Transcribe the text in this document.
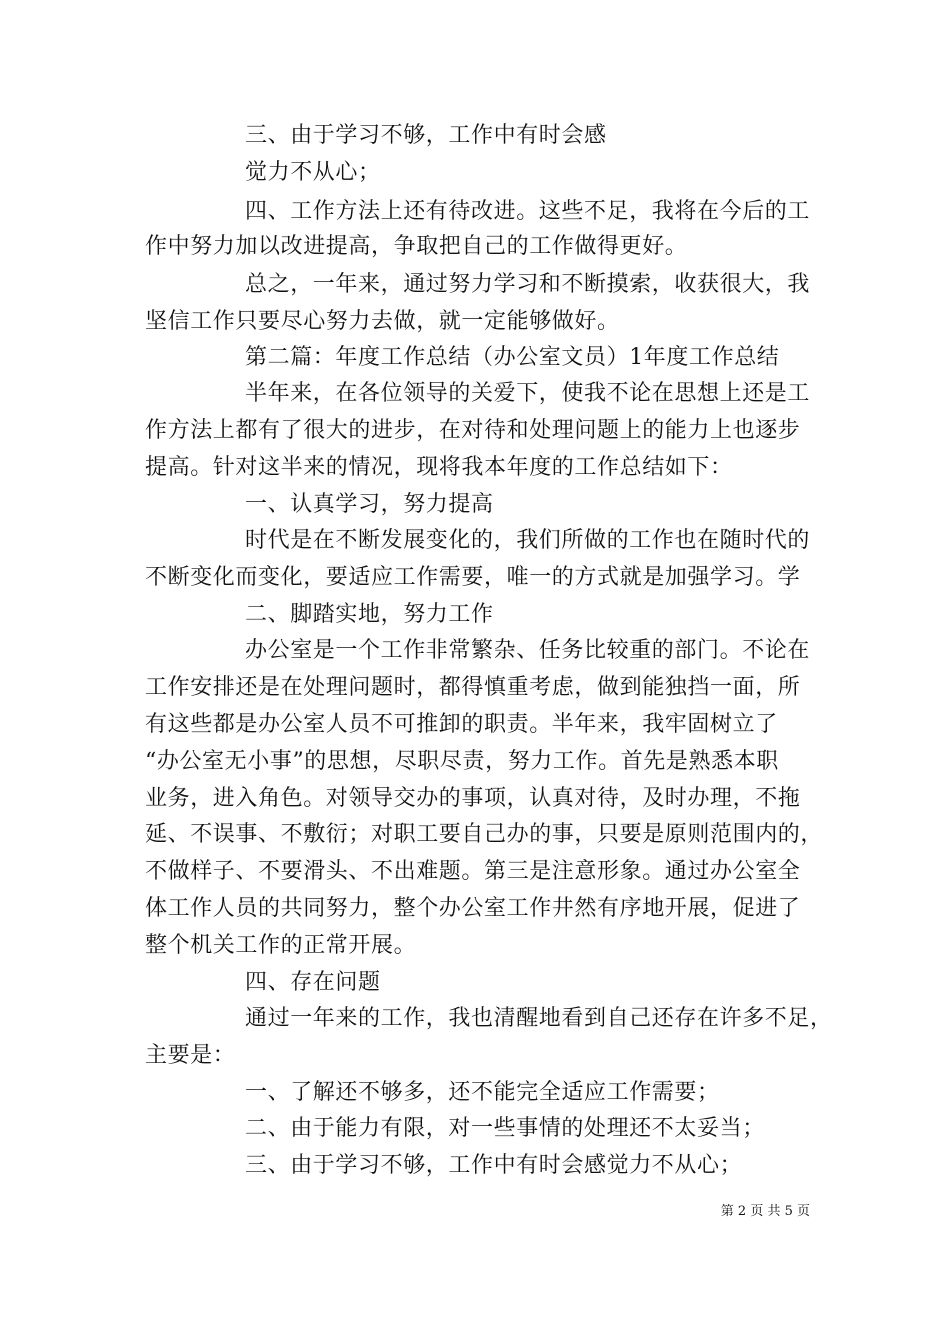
三、由于学习不够，工作中有时会感
觉力不从心；
四、工作方法上还有待改进。这些不足，我将在今后的工
作中努力加以改进提高，争取把自己的工作做得更好。
总之，一年来，通过努力学习和不断摸索，收获很大，我
坚信工作只要尽心努力去做，就一定能够做好。
第二篇：年度工作总结（办公室文员）1年度工作总结
半年来，在各位领导的关爱下，使我不论在思想上还是工
作方法上都有了很大的进步，在对待和处理问题上的能力上也逐步
提高。针对这半来的情况，现将我本年度的工作总结如下：
一、认真学习，努力提高
时代是在不断发展变化的，我们所做的工作也在随时代的
不断变化而变化，要适应工作需要，唯一的方式就是加强学习。学
二、脚踏实地，努力工作
办公室是一个工作非常繁杂、任务比较重的部门。不论在
工作安排还是在处理问题时，都得慎重考虑，做到能独挡一面，所
有这些都是办公室人员不可推卸的职责。半年来，我牢固树立了
“办公室无小事”的思想，尽职尽责，努力工作。首先是熟悉本职
业务，进入角色。对领导交办的事项，认真对待，及时办理，不拖
延、不误事、不敷衍；对职工要自己办的事，只要是原则范围内的，
不做样子、不要滑头、不出难题。第三是注意形象。通过办公室全
体工作人员的共同努力，整个办公室工作井然有序地开展，促进了
整个机关工作的正常开展。
四、存在问题
通过一年来的工作，我也清醒地看到自己还存在许多不足，
主要是：
一、了解还不够多，还不能完全适应工作需要；
二、由于能力有限，对一些事情的处理还不太妥当；
三、由于学习不够，工作中有时会感觉力不从心；
第 2 页 共 5 页
